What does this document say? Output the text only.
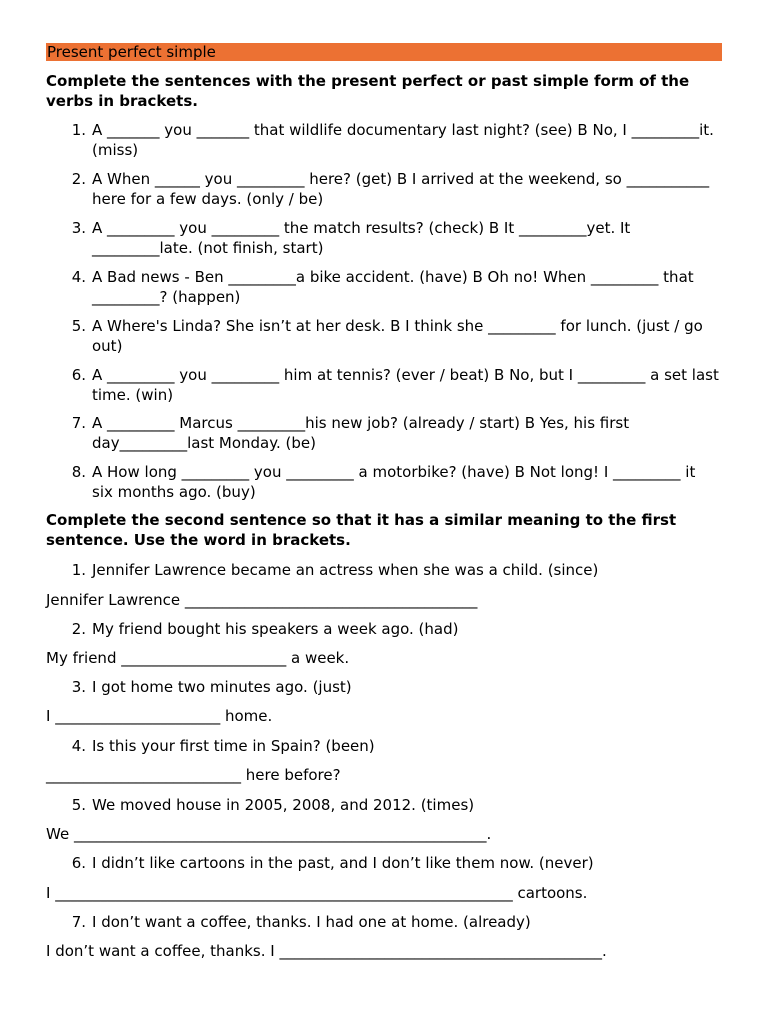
Present perfect simple
Complete the sentences with the present perfect or past simple form of the verbs in brackets.
1. A _______ you _______ that wildlife documentary last night? (see) B No, I _________it. (miss)
2. A When ______ you _________ here? (get) B I arrived at the weekend, so ___________ here for a few days. (only / be)
3. A _________ you _________ the match results? (check) B It _________yet. It _________late. (not finish, start)
4. A Bad news - Ben _________a bike accident. (have) B Oh no! When _________ that _________? (happen)
5. A Where's Linda? She isn’t at her desk. B I think she _________ for lunch. (just / go out)
6. A _________ you _________ him at tennis? (ever / beat) B No, but I _________ a set last time. (win)
7. A _________ Marcus _________his new job? (already / start) B Yes, his first day_________last Monday. (be)
8. A How long _________ you _________ a motorbike? (have) B Not long! I _________ it six months ago. (buy)
Complete the second sentence so that it has a similar meaning to the first sentence. Use the word in brackets.
1. Jennifer Lawrence became an actress when she was a child. (since)
Jennifer Lawrence _______________________________________
2. My friend bought his speakers a week ago. (had)
My friend ______________________ a week.
3. I got home two minutes ago. (just)
I ______________________ home.
4. Is this your first time in Spain? (been)
__________________________ here before?
5. We moved house in 2005, 2008, and 2012. (times)
We _______________________________________________________.
6. I didn’t like cartoons in the past, and I don’t like them now. (never)
I _____________________________________________________________ cartoons.
7. I don’t want a coffee, thanks. I had one at home. (already)
I don’t want a coffee, thanks. I ___________________________________________.
